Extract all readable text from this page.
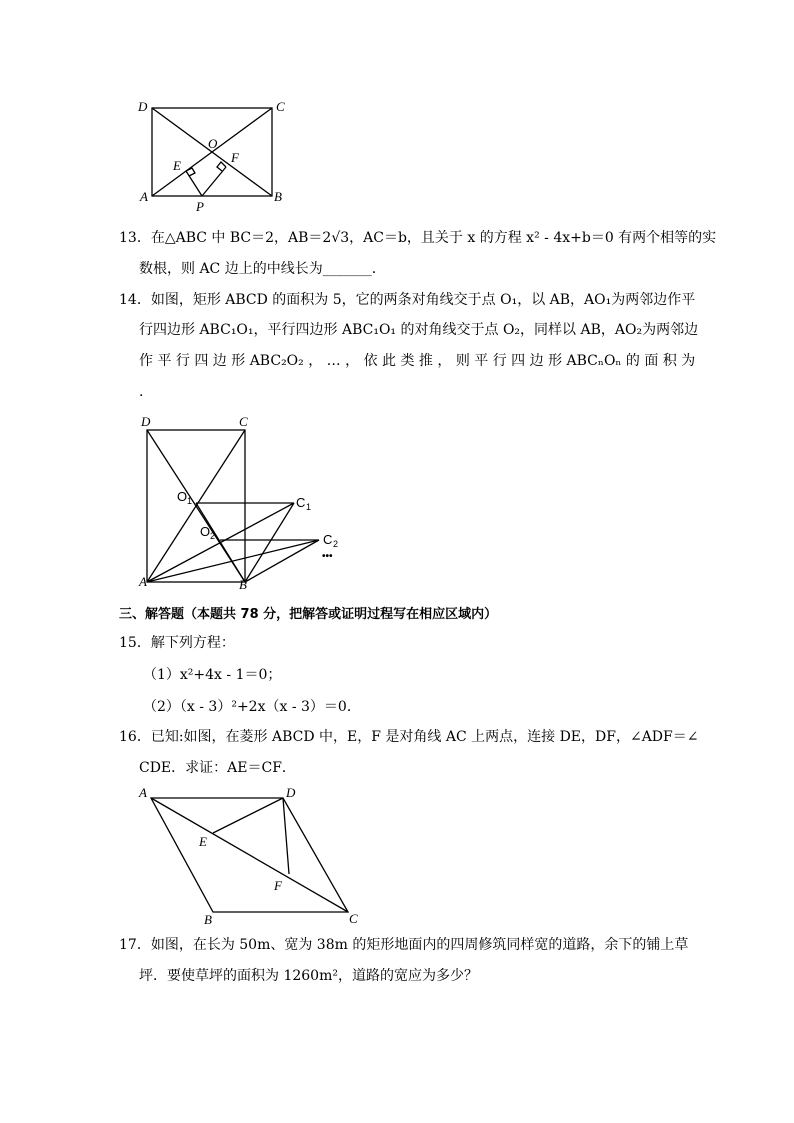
D	C
O
E
F
A	B
P
13．在△ABC 中 BC＝2，AB＝2√3，AC＝b，且关于 x 的方程 x² - 4x+b＝0 有两个相等的实
数根，则 AC 边上的中线长为_______．
14．如图，矩形 ABCD 的面积为 5，它的两条对角线交于点 O₁，以 AB，AO₁为两邻边作平
行四边形 ABC₁O₁，平行四边形 ABC₁O₁ 的对角线交于点 O₂，同样以 AB，AO₂为两邻边
作 平 行 四 边 形 ABC₂O₂ ， … ， 依 此 类 推 ， 则 平 行 四 边 形 ABCₙOₙ 的 面 积 为
.
D	C
O 1	C 1
O 2	C 2
•••
A	B
三、解答题（本题共 78 分，把解答或证明过程写在相应区域内）
15．解下列方程：
（1）x²+4x - 1＝0；
（2）（x - 3）²+2x（x - 3）＝0．
16．已知:如图，在菱形 ABCD 中，E，F 是对角线 AC 上两点，连接 DE，DF，∠ADF＝∠
CDE．求证：AE＝CF．
A	D
E
F
B	C
17．如图，在长为 50m、宽为 38m 的矩形地面内的四周修筑同样宽的道路，余下的铺上草
坪．要使草坪的面积为 1260m²，道路的宽应为多少？
